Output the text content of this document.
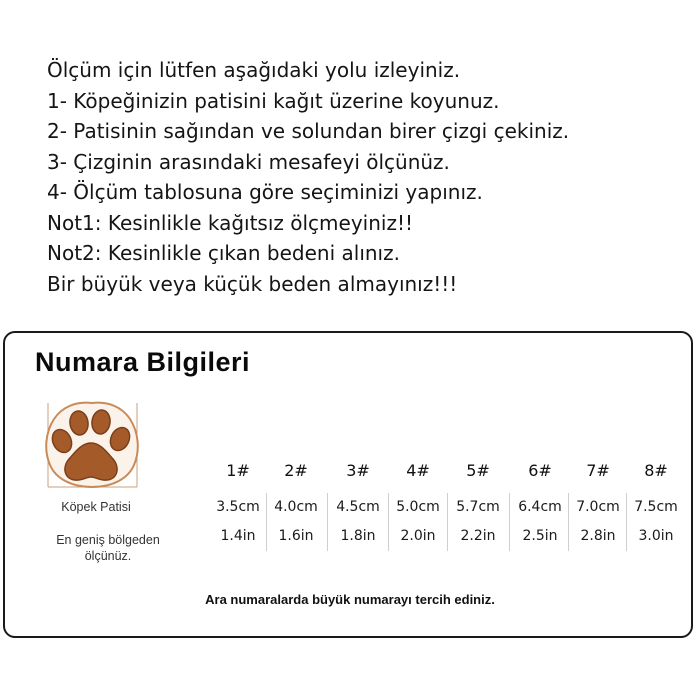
Ölçüm için lütfen aşağıdaki yolu izleyiniz.
1- Köpeğinizin patisini kağıt üzerine koyunuz.
2- Patisinin sağından ve solundan birer çizgi çekiniz.
3- Çizginin arasındaki mesafeyi ölçünüz.
4- Ölçüm tablosuna göre seçiminizi yapınız.
Not1: Kesinlikle kağıtsız ölçmeyiniz!!
Not2: Kesinlikle çıkan bedeni alınız.
Bir büyük veya küçük beden almayınız!!!
Numara Bilgileri
Köpek Patisi
En geniş bölgeden ölçünüz.
1#	2#	3#	4#	5#	6#	7#	8#
3.5cm	4.0cm	4.5cm	5.0cm	5.7cm	6.4cm	7.0cm	7.5cm
1.4in	1.6in	1.8in	2.0in	2.2in	2.5in	2.8in	3.0in
Ara numaralarda büyük numarayı tercih ediniz.
